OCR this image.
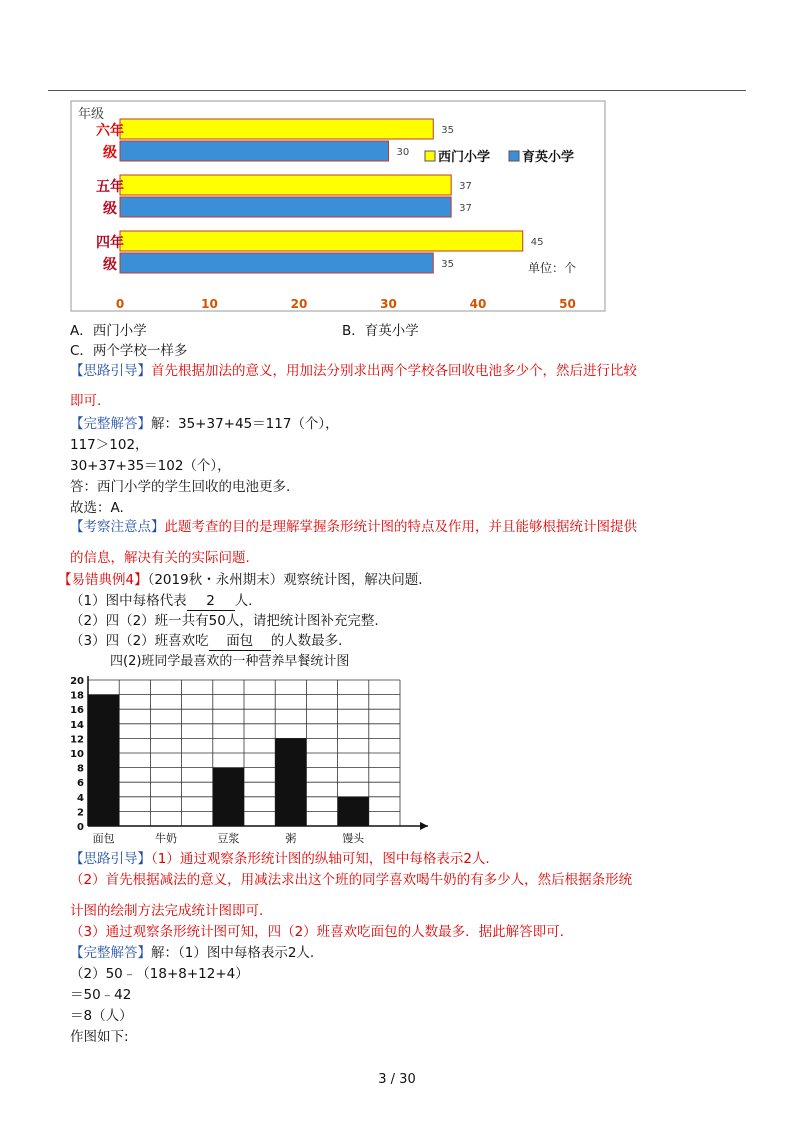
六年
级
35
30
五年
级
37
37
四年
级
45
35
年级
0	10	20	30	40	50
单位：个
西门小学 育英小学
A．西门小学	B．育英小学
C．两个学校一样多
【思路引导】首先根据加法的意义，用加法分别求出两个学校各回收电池多少个，然后进行比较
即可.
【完整解答】解：35+37+45＝117（个），
117＞102，
30+37+35＝102（个），
答：西门小学的学生回收的电池更多.
故选：A.
【考察注意点】此题考查的目的是理解掌握条形统计图的特点及作用，并且能够根据统计图提供
的信息，解决有关的实际问题.
【易错典例4】（2019秋・永州期末）观察统计图，解决问题.
（1）图中每格代表 2 人.
（2）四（2）班一共有50人，请把统计图补充完整.
（3）四（2）班喜欢吃 面包 的人数最多.
四(2)班同学最喜欢的一种营养早餐统计图
0
2
4
6
8
10
12
14
16
18
20
面包	牛奶	豆浆	粥	馒头
【思路引导】（1）通过观察条形统计图的纵轴可知，图中每格表示2人.
（2）首先根据减法的意义，用减法求出这个班的同学喜欢喝牛奶的有多少人，然后根据条形统
计图的绘制方法完成统计图即可.
（3）通过观察条形统计图可知，四（2）班喜欢吃面包的人数最多．据此解答即可.
【完整解答】解：（1）图中每格表示2人.
（2）50﹣（18+8+12+4）
＝50﹣42
＝8（人）
作图如下:
3 / 30
